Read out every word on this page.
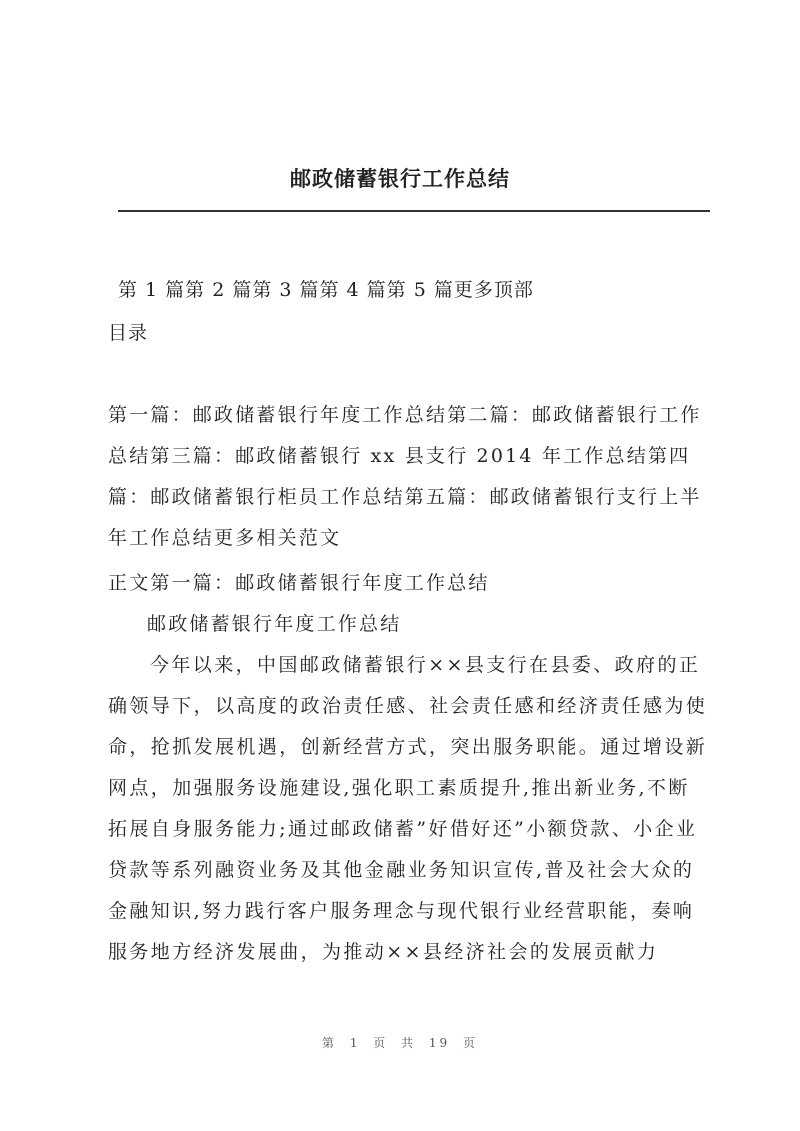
邮政储蓄银行工作总结
第 1 篇第 2 篇第 3 篇第 4 篇第 5 篇更多顶部
目录

第一篇：邮政储蓄银行年度工作总结第二篇：邮政储蓄银行工作总结第三篇：邮政储蓄银行 xx 县支行 2014 年工作总结第四篇：邮政储蓄银行柜员工作总结第五篇：邮政储蓄银行支行上半年工作总结更多相关范文

正文第一篇：邮政储蓄银行年度工作总结

邮政储蓄银行年度工作总结

今年以来，中国邮政储蓄银行××县支行在县委、政府的正确领导下，以高度的政治责任感、社会责任感和经济责任感为使命，抢抓发展机遇，创新经营方式，突出服务职能。通过增设新网点，加强服务设施建设,强化职工素质提升,推出新业务,不断拓展自身服务能力;通过邮政储蓄”好借好还”小额贷款、小企业贷款等系列融资业务及其他金融业务知识宣传,普及社会大众的金融知识,努力践行客户服务理念与现代银行业经营职能，奏响服务地方经济发展曲，为推动××县经济社会的发展贡献力

第 1 页 共 19 页
